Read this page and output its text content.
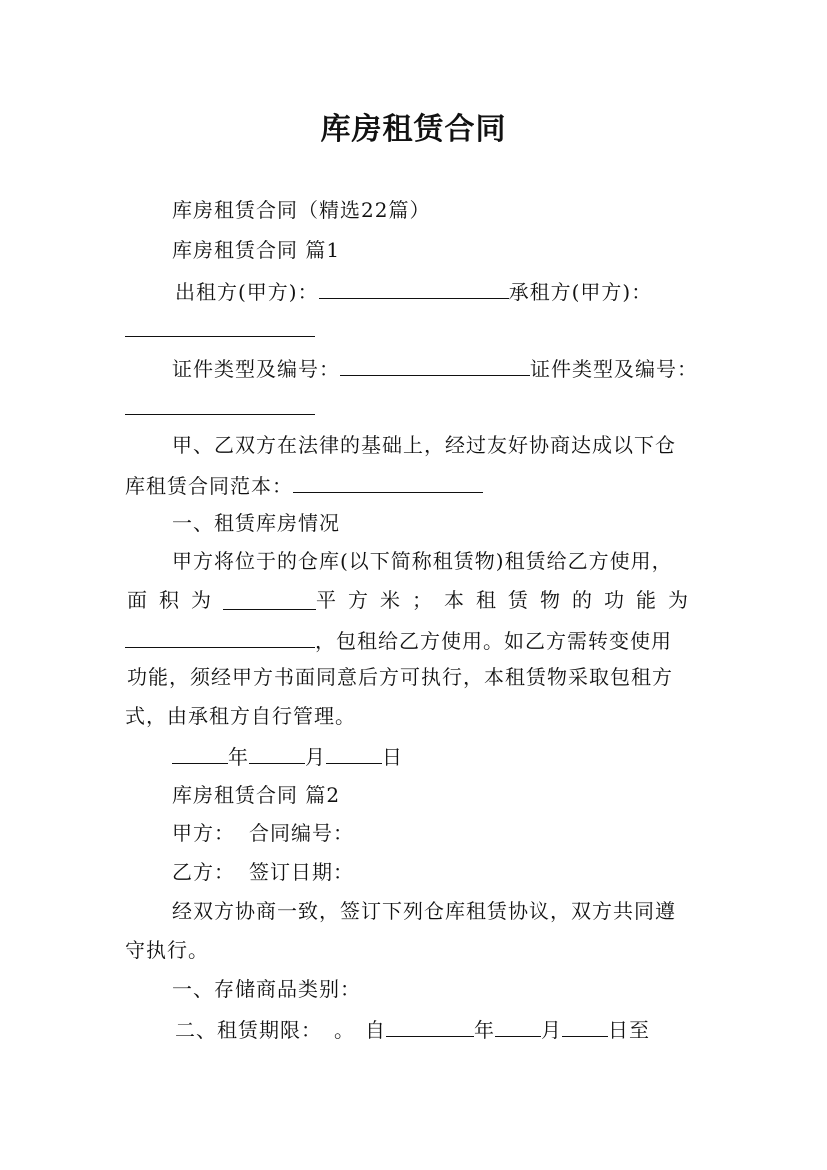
库房租赁合同
库房租赁合同（精选22篇）
库房租赁合同 篇1
出租方(甲方)：	承租方(甲方)：
证件类型及编号：	证件类型及编号：
甲、乙双方在法律的基础上，经过友好协商达成以下仓
库租赁合同范本：
一、租赁库房情况
甲方将位于的仓库(以下简称租赁物)租赁给乙方使用，
面积为	平方米；本租赁物的功能为
，包租给乙方使用。如乙方需转变使用
功能，须经甲方书面同意后方可执行，本租赁物采取包租方
式，由承租方自行管理。
年	月	日
库房租赁合同 篇2
甲方： 合同编号：
乙方： 签订日期：
经双方协商一致，签订下列仓库租赁协议，双方共同遵
守执行。
一、存储商品类别：
二、租赁期限： 。 自	年 月 日至
